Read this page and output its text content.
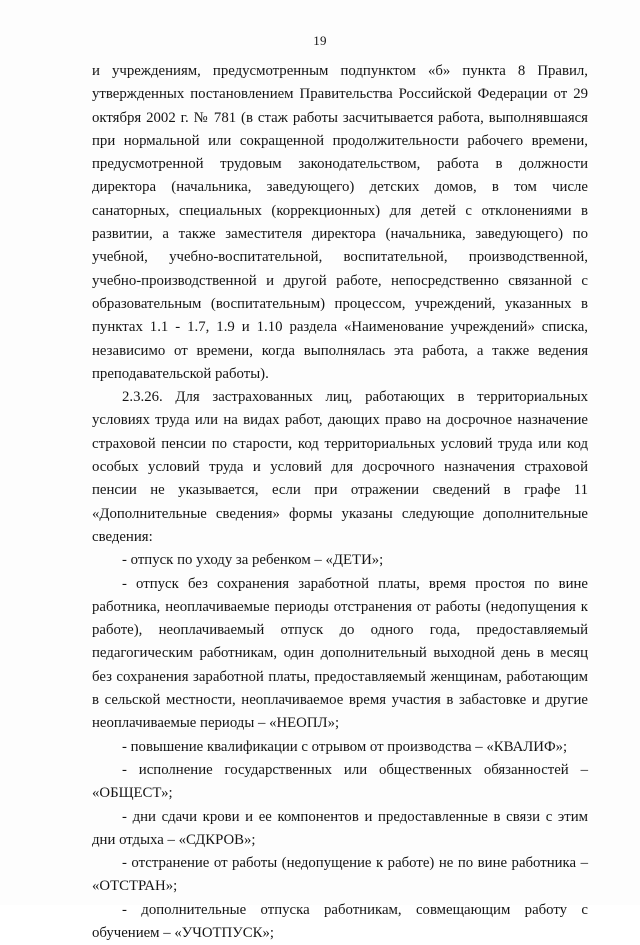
19

и учреждениям, предусмотренным подпунктом «б» пункта 8 Правил, утвержденных постановлением Правительства Российской Федерации от 29 октября 2002 г. № 781 (в стаж работы засчитывается работа, выполнявшаяся при нормальной или сокращенной продолжительности рабочего времени, предусмотренной трудовым законодательством, работа в должности директора (начальника, заведующего) детских домов, в том числе санаторных, специальных (коррекционных) для детей с отклонениями в развитии, а также заместителя директора (начальника, заведующего) по учебной, учебно-воспитательной, воспитательной, производственной, учебно-производственной и другой работе, непосредственно связанной с образовательным (воспитательным) процессом, учреждений, указанных в пунктах 1.1 - 1.7, 1.9 и 1.10 раздела «Наименование учреждений» списка, независимо от времени, когда выполнялась эта работа, а также ведения преподавательской работы).

2.3.26. Для застрахованных лиц, работающих в территориальных условиях труда или на видах работ, дающих право на досрочное назначение страховой пенсии по старости, код территориальных условий труда или код особых условий труда и условий для досрочного назначения страховой пенсии не указывается, если при отражении сведений в графе 11 «Дополнительные сведения» формы указаны следующие дополнительные сведения:

- отпуск по уходу за ребенком – «ДЕТИ»;

- отпуск без сохранения заработной платы, время простоя по вине работника, неоплачиваемые периоды отстранения от работы (недопущения к работе), неоплачиваемый отпуск до одного года, предоставляемый педагогическим работникам, один дополнительный выходной день в месяц без сохранения заработной платы, предоставляемый женщинам, работающим в сельской местности, неоплачиваемое время участия в забастовке и другие неоплачиваемые периоды – «НЕОПЛ»;

- повышение квалификации с отрывом от производства – «КВАЛИФ»;

- исполнение государственных или общественных обязанностей – «ОБЩЕСТ»;

- дни сдачи крови и ее компонентов и предоставленные в связи с этим дни отдыха – «СДКРОВ»;

- отстранение от работы (недопущение к работе) не по вине работника – «ОТСТРАН»;

- дополнительные отпуска работникам, совмещающим работу с обучением – «УЧОТПУСК»;
